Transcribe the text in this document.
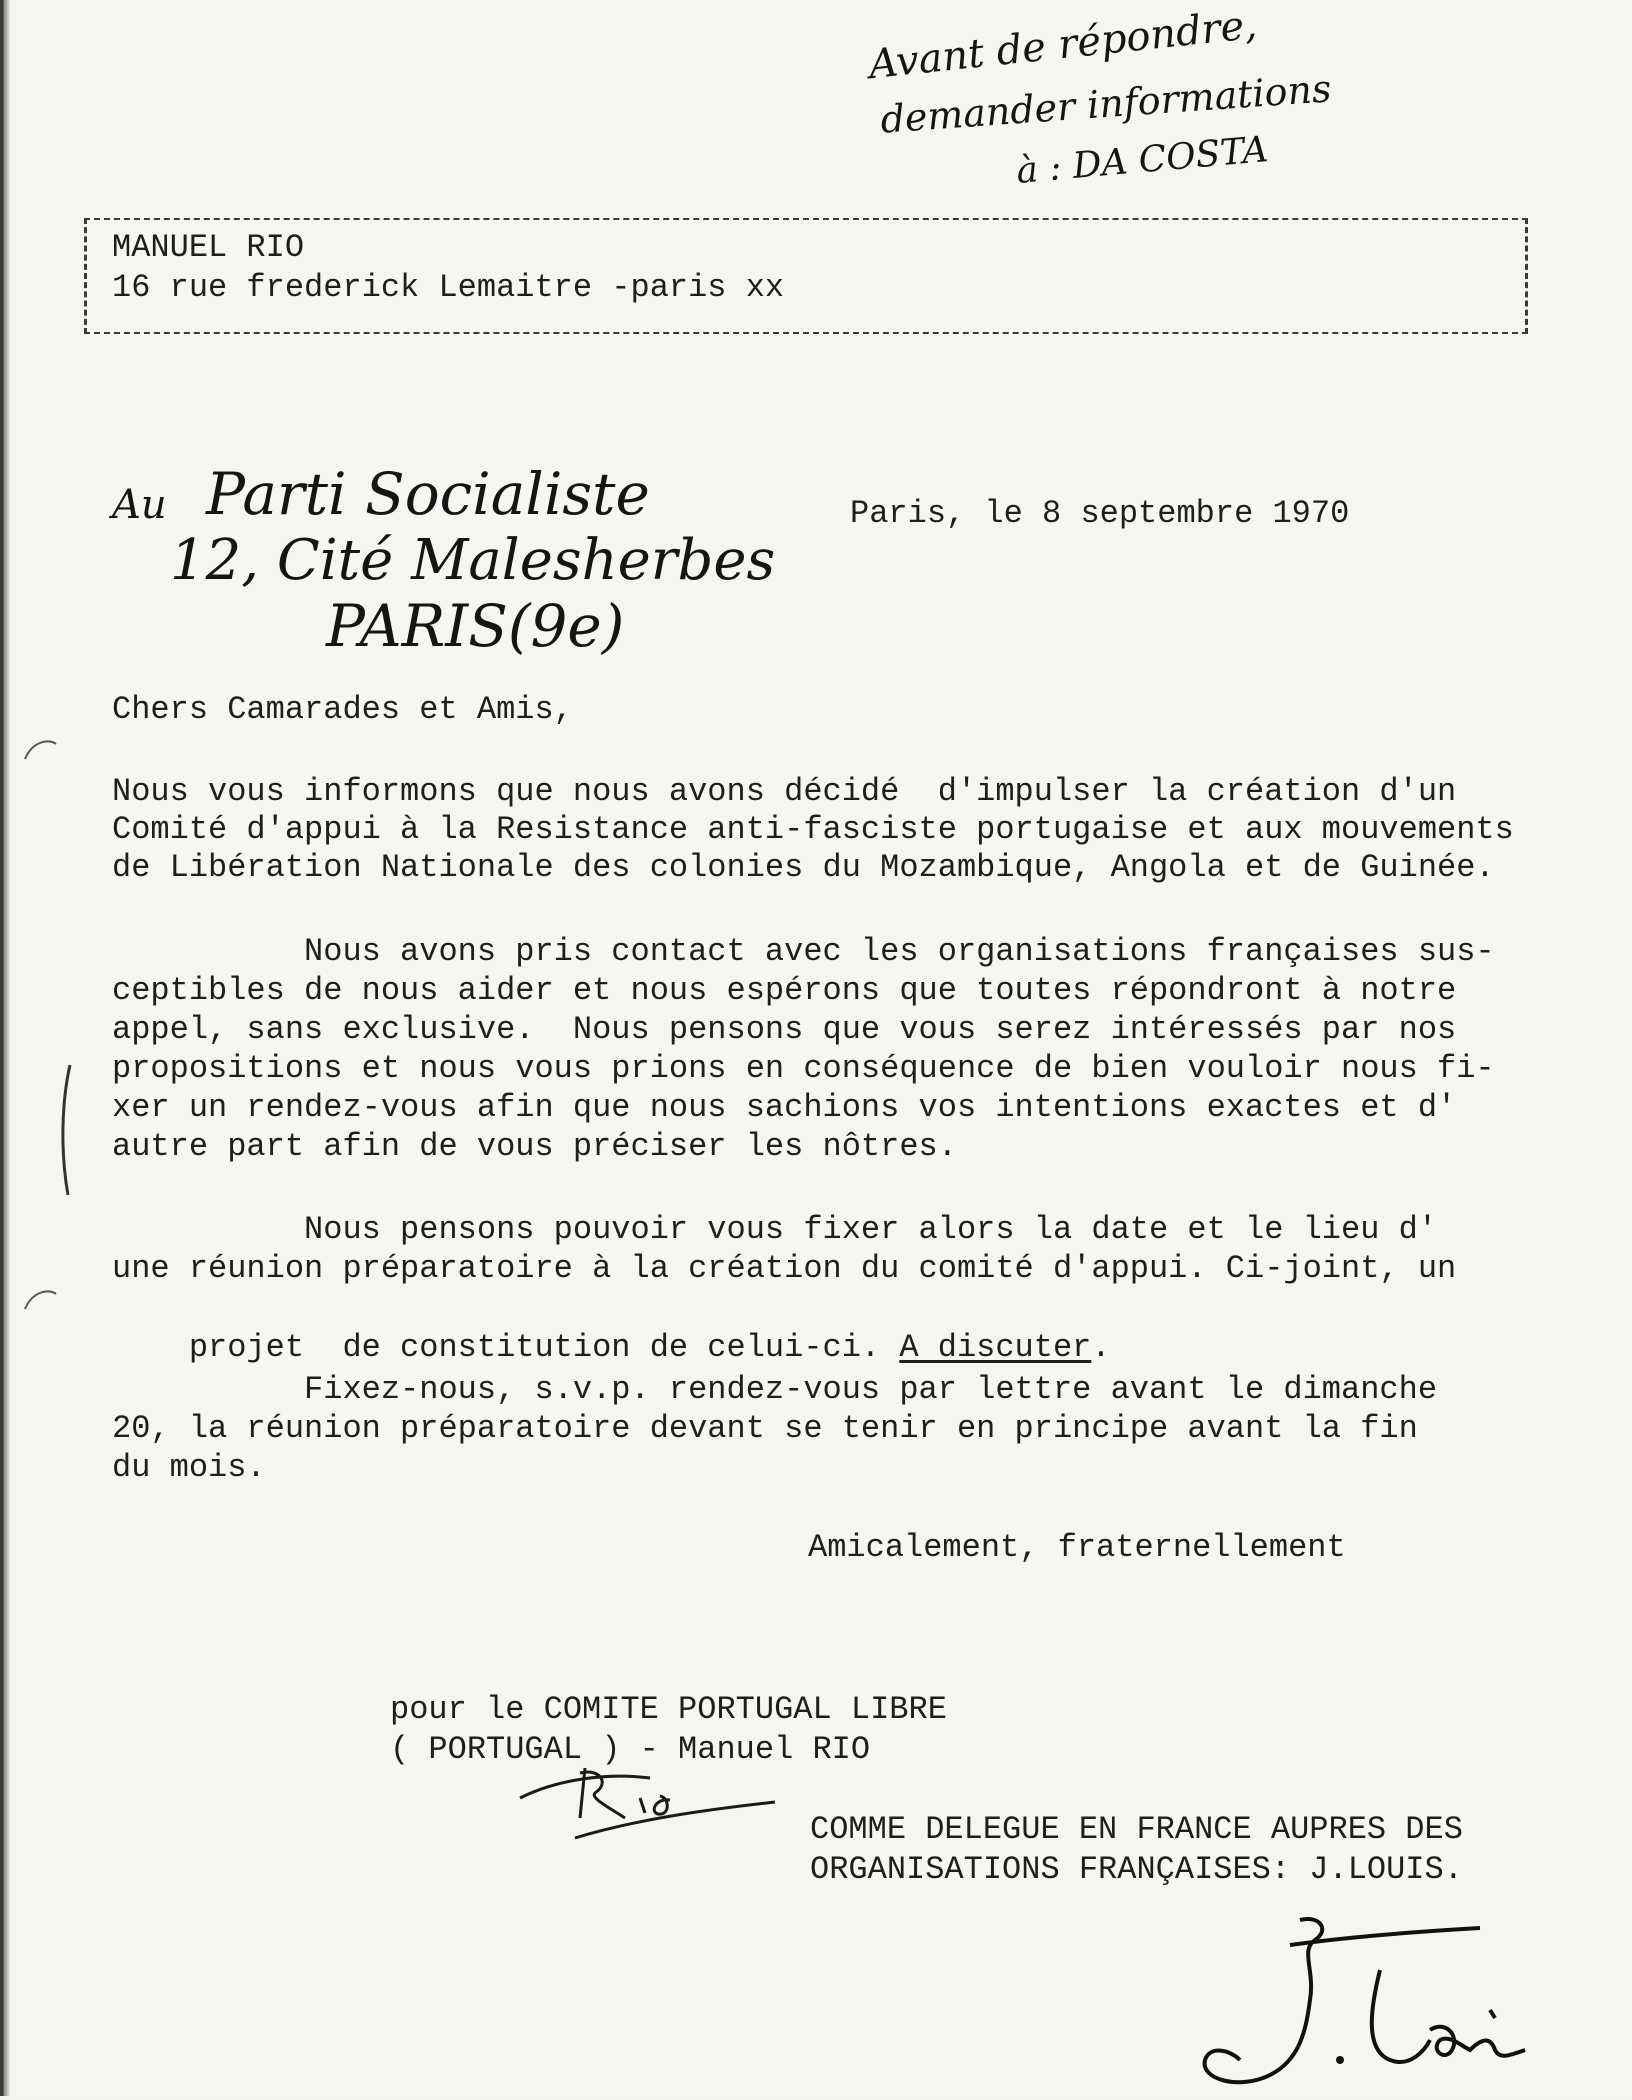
Avant de répondre,
demander informations
à : DA COSTA
MANUEL RIO
16 rue frederick Lemaitre -paris xx
Au Parti Socialiste
12, Cité Malesherbes
PARIS(9e)
Paris, le 8 septembre 1970
Chers Camarades et Amis,
Nous vous informons que nous avons décidé  d'impulser la création d'un
Comité d'appui à la Resistance anti-fasciste portugaise et aux mouvements
de Libération Nationale des colonies du Mozambique, Angola et de Guinée.
Nous avons pris contact avec les organisations françaises sus-
ceptibles de nous aider et nous espérons que toutes répondront à notre
appel, sans exclusive.  Nous pensons que vous serez intéressés par nos
propositions et nous vous prions en conséquence de bien vouloir nous fi-
xer un rendez-vous afin que nous sachions vos intentions exactes et d'
autre part afin de vous préciser les nôtres.
Nous pensons pouvoir vous fixer alors la date et le lieu d'
une réunion préparatoire à la création du comité d'appui. Ci-joint, un

projet  de constitution de celui-ci. A discuter.

Fixez-nous, s.v.p. rendez-vous par lettre avant le dimanche
20, la réunion préparatoire devant se tenir en principe avant la fin
du mois.
Amicalement, fraternellement
pour le COMITE PORTUGAL LIBRE
( PORTUGAL ) - Manuel RIO
COMME DELEGUE EN FRANCE AUPRES DES
ORGANISATIONS FRANÇAISES: J.LOUIS.
